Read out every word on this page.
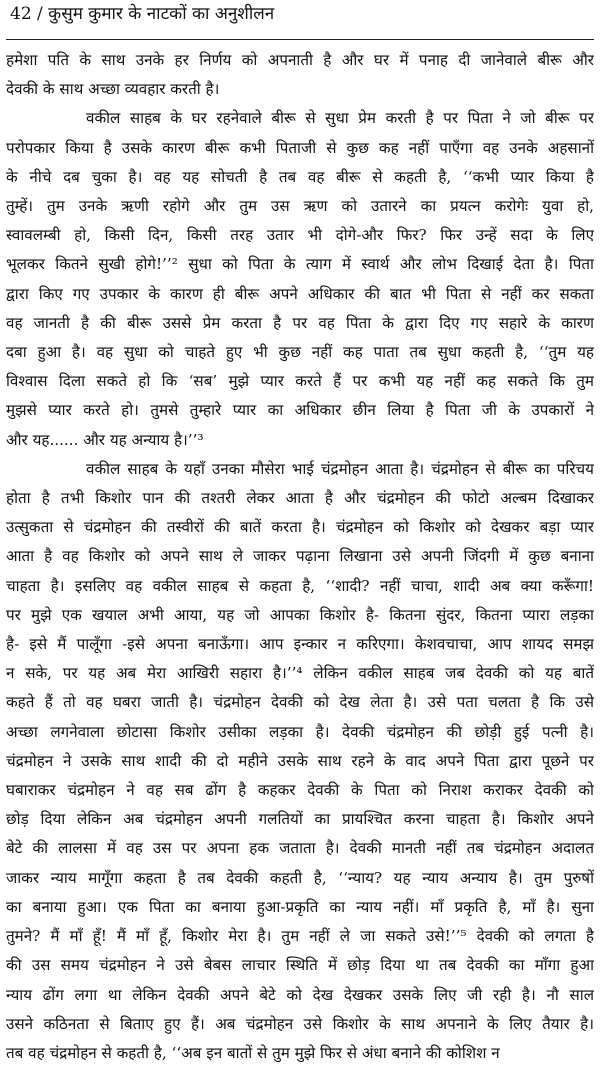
42 / कुसुम कुमार के नाटकों का अनुशीलन
हमेशा पति के साथ उनके हर निर्णय को अपनाती है और घर में पनाह दी जानेवाले बीरू और
देवकी के साथ अच्छा व्यवहार करती है।
वकील साहब के घर रहनेवाले बीरू से सुधा प्रेम करती है पर पिता ने जो बीरू पर
परोपकार किया है उसके कारण बीरू कभी पिताजी से कुछ कह नहीं पाएँगा वह उनके अहसानों
के नीचे दब चुका है। वह यह सोचती है तब वह बीरू से कहती है, ‘‘कभी प्यार किया है
तुम्हें। तुम उनके ऋणी रहोगे और तुम उस ऋण को उतारने का प्रयत्न करोगेः युवा हो,
स्वावलम्बी हो, किसी दिन, किसी तरह उतार भी दोगे-और फिर? फिर उन्हें सदा के लिए
भूलकर कितने सुखी होगे!’’² सुधा को पिता के त्याग में स्वार्थ और लोभ दिखाई देता है। पिता
द्वारा किए गए उपकार के कारण ही बीरू अपने अधिकार की बात भी पिता से नहीं कर सकता
वह जानती है की बीरू उससे प्रेम करता है पर वह पिता के द्वारा दिए गए सहारे के कारण
दबा हुआ है। वह सुधा को चाहते हुए भी कुछ नहीं कह पाता तब सुधा कहती है, ‘‘तुम यह
विश्वास दिला सकते हो कि ‘सब’ मुझे प्यार करते हैं पर कभी यह नहीं कह सकते कि तुम
मुझसे प्यार करते हो। तुमसे तुम्हारे प्यार का अधिकार छीन लिया है पिता जी के उपकारों ने
और यह...... और यह अन्याय है।’’³
वकील साहब के यहाँ उनका मौसेरा भाई चंद्रमोहन आता है। चंद्रमोहन से बीरू का परिचय
होता है तभी किशोर पान की तश्तरी लेकर आता है और चंद्रमोहन की फोटो अल्बम दिखाकर
उत्सुकता से चंद्रमोहन की तस्वीरों की बातें करता है। चंद्रमोहन को किशोर को देखकर बड़ा प्यार
आता है वह किशोर को अपने साथ ले जाकर पढ़ाना लिखाना उसे अपनी जिंदगी में कुछ बनाना
चाहता है। इसलिए वह वकील साहब से कहता है, ‘‘शादी? नहीं चाचा, शादी अब क्या करूँगा!
पर मुझे एक खयाल अभी आया, यह जो आपका किशोर है- कितना सुंदर, कितना प्यारा लड़का
है- इसे मैं पालूँगा -इसे अपना बनाऊँगा। आप इन्कार न करिएगा। केशवचाचा, आप शायद समझ
न सके, पर यह अब मेरा आखिरी सहारा है।’’⁴ लेकिन वकील साहब जब देवकी को यह बातें
कहते हैं तो वह घबरा जाती है। चंद्रमोहन देवकी को देख लेता है। उसे पता चलता है कि उसे
अच्छा लगनेवाला छोटासा किशोर उसीका लड़का है। देवकी चंद्रमोहन की छोड़ी हुई पत्नी है।
चंद्रमोहन ने उसके साथ शादी की दो महीने उसके साथ रहने के वाद अपने पिता द्वारा पूछने पर
घबाराकर चंद्रमोहन ने वह सब ढोंग है कहकर देवकी के पिता को निराश कराकर देवकी को
छोड़ दिया लेकिन अब चंद्रमोहन अपनी गलतियों का प्रायश्चित करना चाहता है। किशोर अपने
बेटे की लालसा में वह उस पर अपना हक जताता है। देवकी मानती नहीं तब चंद्रमोहन अदालत
जाकर न्याय मागूँगा कहता है तब देवकी कहती है, ‘‘न्याय? यह न्याय अन्याय है। तुम पुरुषों
का बनाया हुआ। एक पिता का बनाया हुआ-प्रकृति का न्याय नहीं। माँ प्रकृति है, माँ है। सुना
तुमने? मैं माँ हूँ! मैं माँ हूँ, किशोर मेरा है। तुम नहीं ले जा सकते उसे!’’⁵ देवकी को लगता है
की उस समय चंद्रमोहन ने उसे बेबस लाचार स्थिति में छोड़ दिया था तब देवकी का माँगा हुआ
न्याय ढोंग लगा था लेकिन देवकी अपने बेटे को देख देखकर उसके लिए जी रही है। नौ साल
उसने कठिनता से बिताए हुए हैं। अब चंद्रमोहन उसे किशोर के साथ अपनाने के लिए तैयार है।
तब वह चंद्रमोहन से कहती है, ‘‘अब इन बातों से तुम मुझे फिर से अंधा बनाने की कोशिश न
